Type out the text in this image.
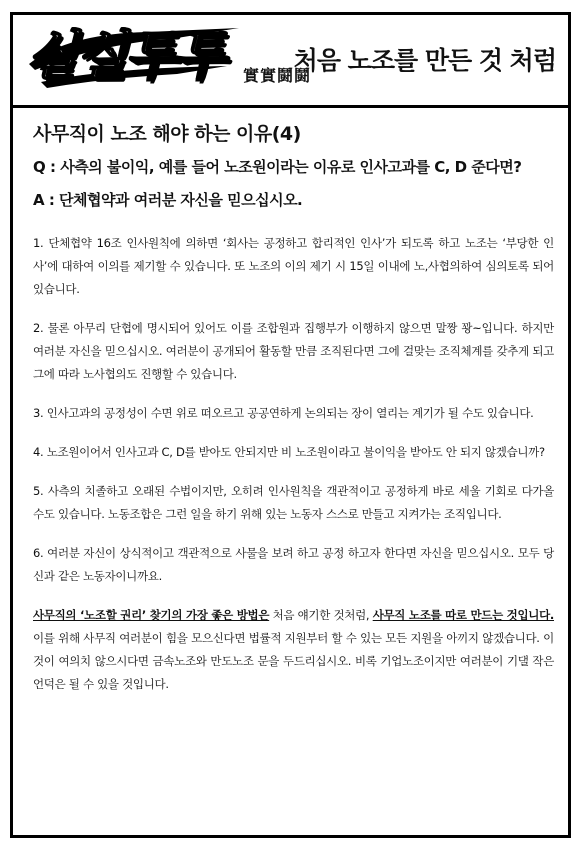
실실투투 實實鬪鬪
처음 노조를 만든 것 처럼
사무직이 노조 해야 하는 이유(4)

Q : 사측의 불이익, 예를 들어 노조원이라는 이유로 인사고과를 C, D 준다면?

A : 단체협약과 여러분 자신을 믿으십시오.

1. 단체협약 16조 인사원칙에 의하면 ‘회사는 공정하고 합리적인 인사’가 되도록 하고 노조는 ‘부당한 인사’에 대하여 이의를 제기할 수 있습니다. 또 노조의 이의 제기 시 15일 이내에 노,사협의하여 심의토록 되어 있습니다.

2. 물론 아무리 단협에 명시되어 있어도 이를 조합원과 집행부가 이행하지 않으면 말짱 꽝~입니다. 하지만 여러분 자신을 믿으십시오. 여러분이 공개되어 활동할 만큼 조직된다면 그에 걸맞는 조직체계를 갖추게 되고 그에 따라 노사협의도 진행할 수 있습니다.

3. 인사고과의 공정성이 수면 위로 떠오르고 공공연하게 논의되는 장이 열리는 계기가 될 수도 있습니다.

4. 노조원이어서 인사고과 C, D를 받아도 안되지만 비 노조원이라고 불이익을 받아도 안 되지 않겠습니까?

5. 사측의 치졸하고 오래된 수법이지만, 오히려 인사원칙을 객관적이고 공정하게 바로 세울 기회로 다가올 수도 있습니다. 노동조합은 그런 일을 하기 위해 있는 노동자 스스로 만들고 지켜가는 조직입니다.

6. 여러분 자신이 상식적이고 객관적으로 사물을 보려 하고 공정 하고자 한다면 자신을 믿으십시오. 모두 당신과 같은 노동자이니까요.

사무직의 ‘노조할 권리’ 찾기의 가장 좋은 방법은 처음 얘기한 것처럼, 사무직 노조를 따로 만드는 것입니다. 이를 위해 사무직 여러분이 힘을 모으신다면 법률적 지원부터 할 수 있는 모든 지원을 아끼지 않겠습니다. 이것이 여의치 않으시다면 금속노조와 만도노조 문을 두드리십시오. 비록 기업노조이지만 여러분이 기댈 작은 언덕은 될 수 있을 것입니다.
